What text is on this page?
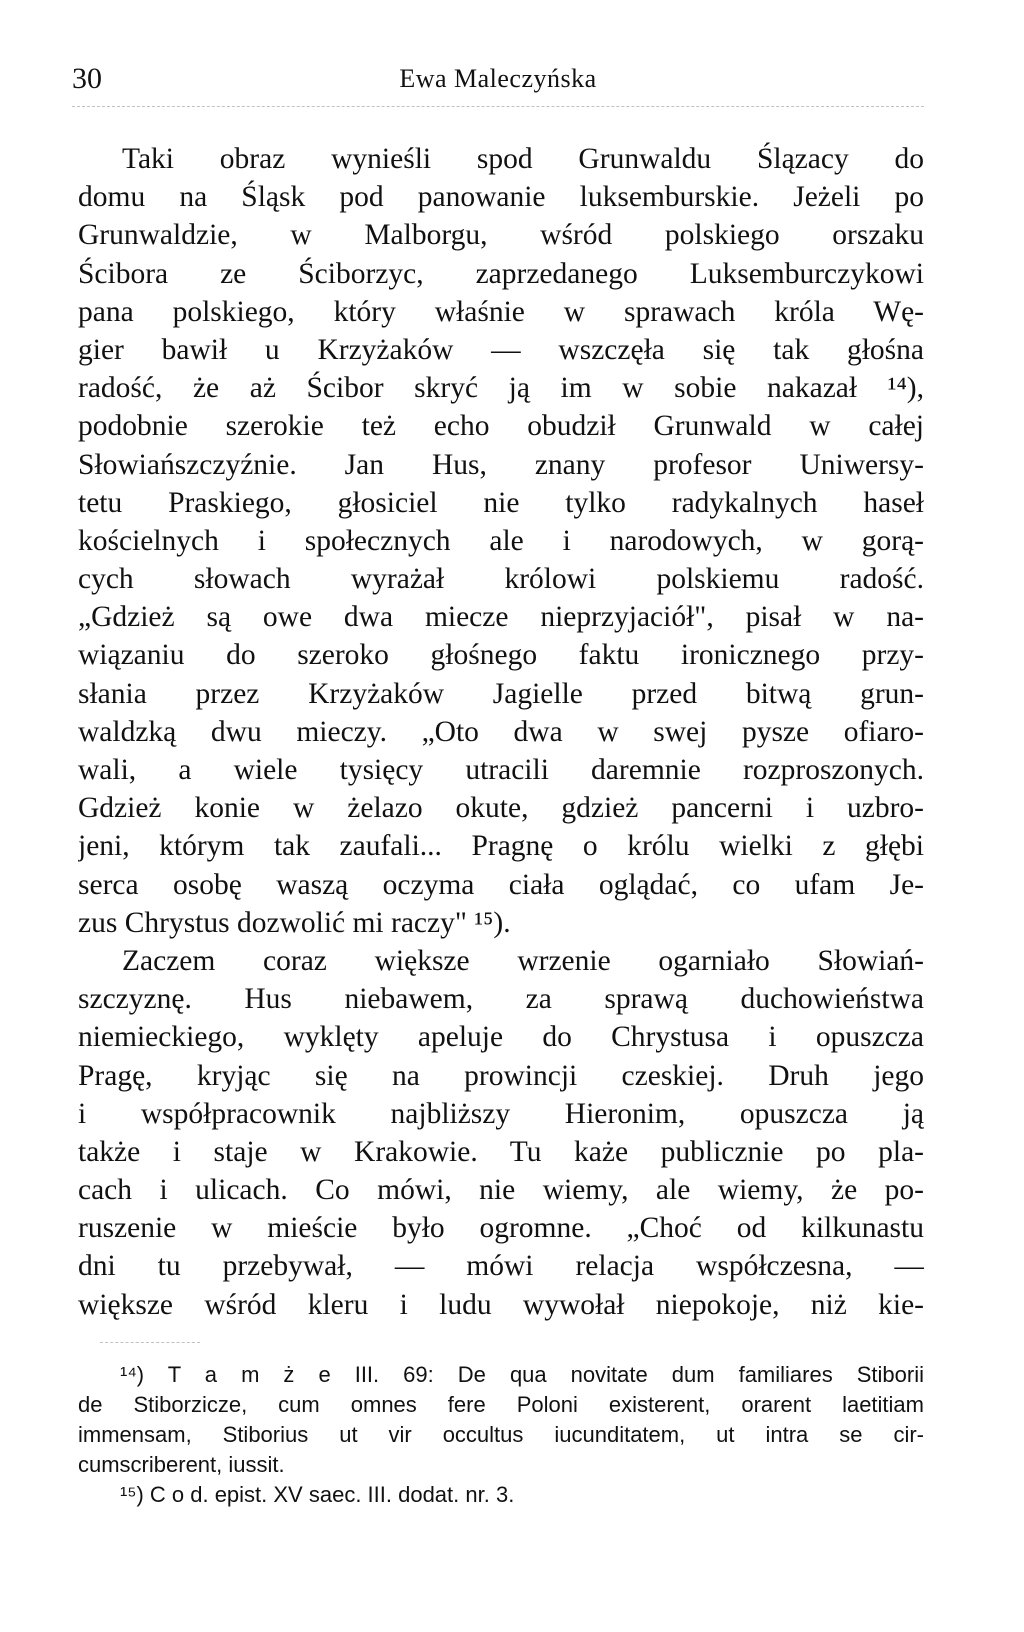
30	Ewa Maleczyńska
Taki obraz wynieśli spod Grunwaldu Ślązacy do
domu na Śląsk pod panowanie luksemburskie. Jeżeli po
Grunwaldzie, w Malborgu, wśród polskiego orszaku
Ścibora ze Ściborzyc, zaprzedanego Luksemburczykowi
pana polskiego, który właśnie w sprawach króla Wę-
gier bawił u Krzyżaków — wszczęła się tak głośna
radość, że aż Ścibor skryć ją im w sobie nakazał ¹⁴),
podobnie szerokie też echo obudził Grunwald w całej
Słowiańszczyźnie. Jan Hus, znany profesor Uniwersy-
tetu Praskiego, głosiciel nie tylko radykalnych haseł
kościelnych i społecznych ale i narodowych, w gorą-
cych słowach wyrażał królowi polskiemu radość.
„Gdzież są owe dwa miecze nieprzyjaciół", pisał w na-
wiązaniu do szeroko głośnego faktu ironicznego przy-
słania przez Krzyżaków Jagielle przed bitwą grun-
waldzką dwu mieczy. „Oto dwa w swej pysze ofiaro-
wali, a wiele tysięcy utracili daremnie rozproszonych.
Gdzież konie w żelazo okute, gdzież pancerni i uzbro-
jeni, którym tak zaufali... Pragnę o królu wielki z głębi
serca osobę waszą oczyma ciała oglądać, co ufam Je-
zus Chrystus dozwolić mi raczy" ¹⁵).
Zaczem coraz większe wrzenie ogarniało Słowiań-
szczyznę. Hus niebawem, za sprawą duchowieństwa
niemieckiego, wyklęty apeluje do Chrystusa i opuszcza
Pragę, kryjąc się na prowincji czeskiej. Druh jego
i współpracownik najbliższy Hieronim, opuszcza ją
także i staje w Krakowie. Tu każe publicznie po pla-
cach i ulicach. Co mówi, nie wiemy, ale wiemy, że po-
ruszenie w mieście było ogromne. „Choć od kilkunastu
dni tu przebywał, — mówi relacja współczesna, —
większe wśród kleru i ludu wywołał niepokoje, niż kie-
¹⁴) T a m ż e III. 69: De qua novitate dum familiares Stiborii
de Stiborzicze, cum omnes fere Poloni existerent, orarent laetitiam
immensam, Stiborius ut vir occultus iucunditatem, ut intra se cir-
cumscriberent, iussit.
¹⁵) C o d. epist. XV saec. III. dodat. nr. 3.
